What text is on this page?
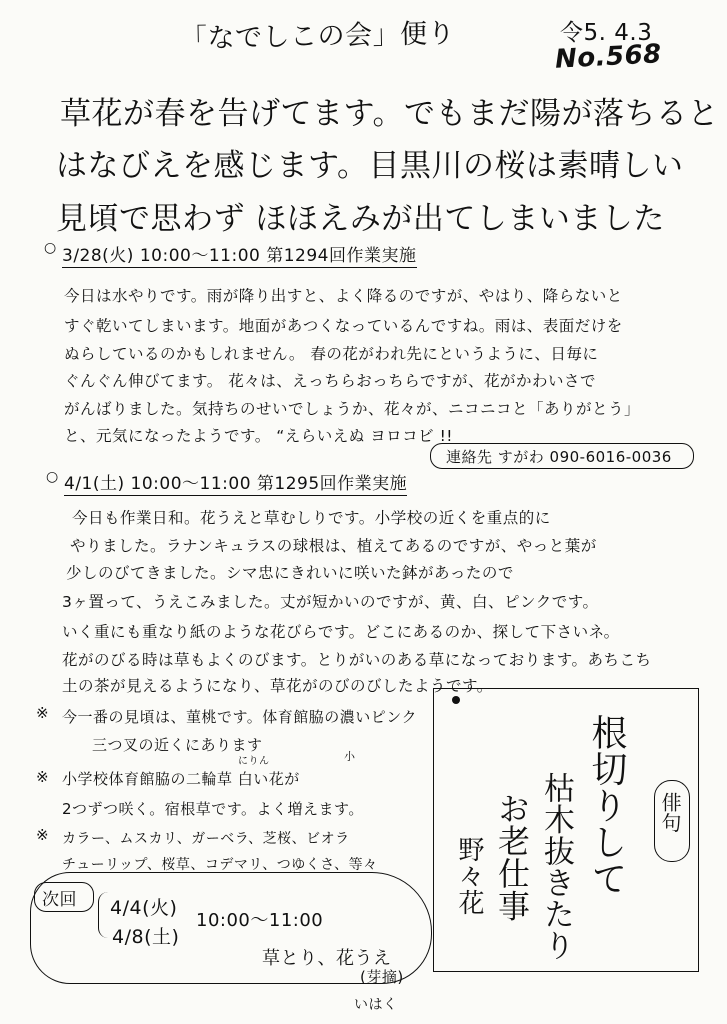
「なでしこの会」便り	令5. 4.3
No.568
草花が春を告げてます。でもまだ陽が落ちると
はなびえを感じます。目黒川の桜は素晴しい
見頃で思わず ほほえみが出てしまいました
○ 3/28(火) 10:00～11:00 第1294回作業実施
今日は水やりです。雨が降り出すと、よく降るのですが、やはり、降らないと
すぐ乾いてしまいます。地面があつくなっているんですね。雨は、表面だけを
ぬらしているのかもしれません。 春の花がわれ先にというように、日毎に
ぐんぐん伸びてます。 花々は、えっちらおっちらですが、花がかわいさで
がんばりました。気持ちのせいでしょうか、花々が、ニコニコと「ありがとう」
と、元気になったようです。 “えらいえぬ ヨロコビ !!
連絡先 すがわ 090-6016-0036
○ 4/1(土) 10:00～11:00 第1295回作業実施
今日も作業日和。花うえと草むしりです。小学校の近くを重点的に
やりました。ラナンキュラスの球根は、植えてあるのですが、やっと葉が
少しのびてきました。シマ忠にきれいに咲いた鉢があったので
3ヶ置って、うえこみました。丈が短かいのですが、黄、白、ピンクです。
いく重にも重なり紙のような花びらです。どこにあるのか、探して下さいネ。
花がのびる時は草もよくのびます。とりがいのある草になっております。あちこち
土の茶が見えるようになり、草花がのびのびしたようです。
※ 今一番の見頃は、菫桃です。体育館脇の濃いピンク
三つ叉の近くにあります
※
にりん	小
小学校体育館脇の二輪草 白い花が
2つずつ咲く。宿根草です。よく増えます。
※ カラー、ムスカリ、ガーベラ、芝桜、ビオラ
チューリップ、桜草、コデマリ、つゆくさ、等々
次回 4/4(火)
4/8(土)
10:00～11:00
草とり、花うえ
(芽摘)
いはく
根切りして
枯木抜きたり
お老仕事
野々花
俳句
